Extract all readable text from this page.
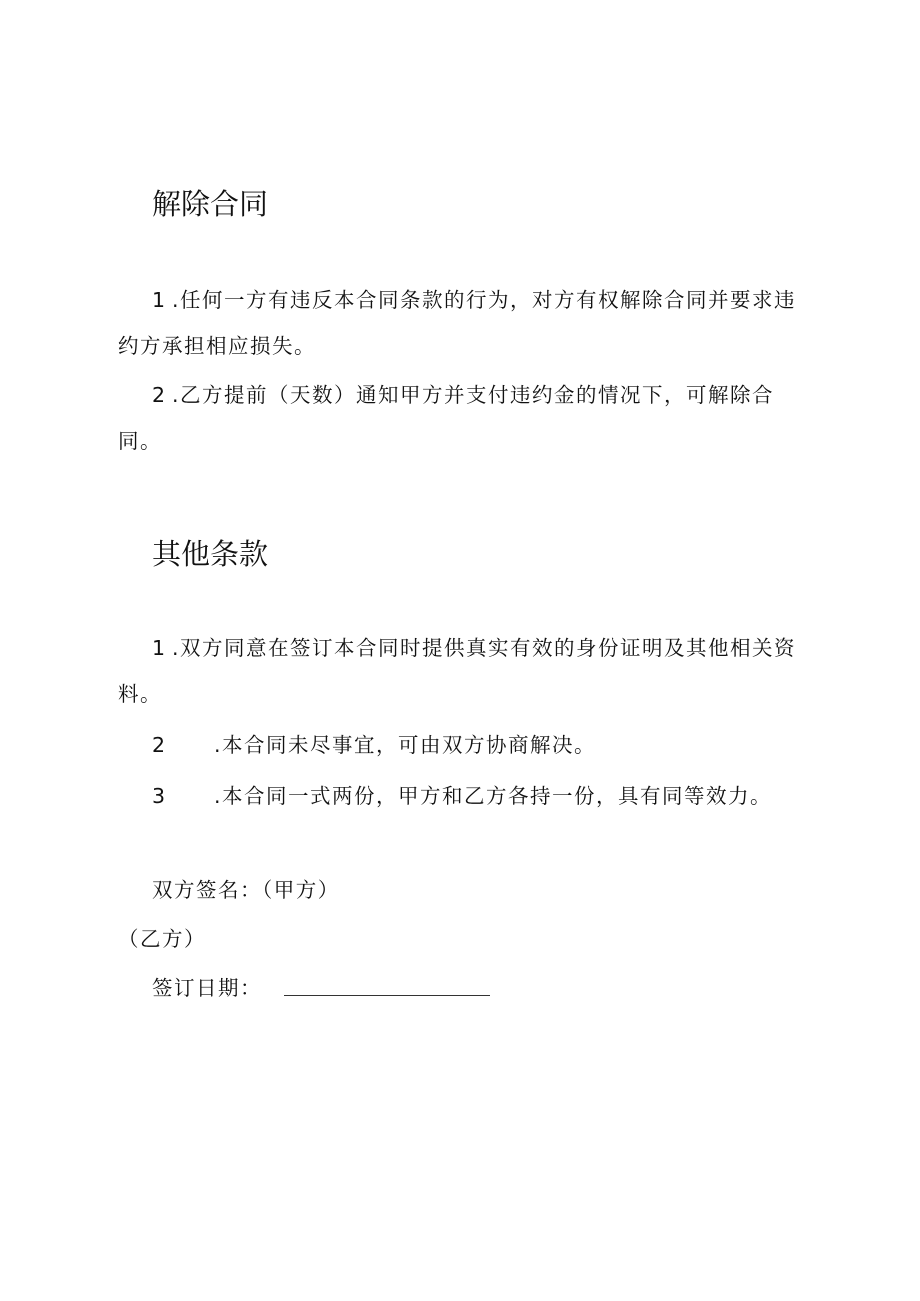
解除合同

1 .任何一方有违反本合同条款的行为，对方有权解除合同并要求违

约方承担相应损失。

2 .乙方提前（天数）通知甲方并支付违约金的情况下，可解除合

同。

其他条款

1 .双方同意在签订本合同时提供真实有效的身份证明及其他相关资

料。

2 .本合同未尽事宜，可由双方协商解决。

3 .本合同一式两份，甲方和乙方各持一份，具有同等效力。

双方签名：（甲方）

（乙方）

签订日期：
